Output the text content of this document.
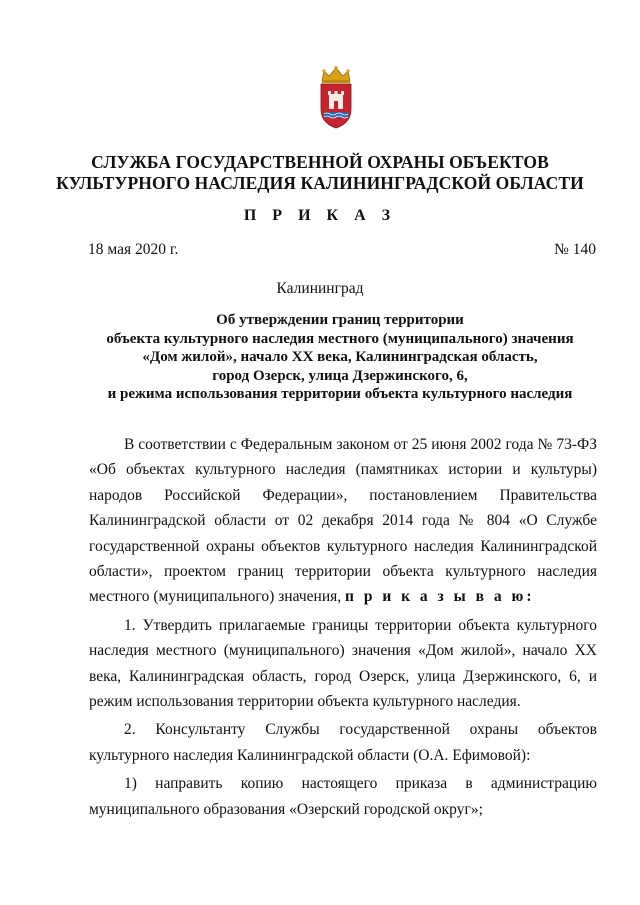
СЛУЖБА ГОСУДАРСТВЕННОЙ ОХРАНЫ ОБЪЕКТОВ
КУЛЬТУРНОГО НАСЛЕДИЯ КАЛИНИНГРАДСКОЙ ОБЛАСТИ
П Р И К А З
18 мая 2020 г.	№ 140
Калининград
Об утверждении границ территории
объекта культурного наследия местного (муниципального) значения
«Дом жилой», начало XX века, Калининградская область,
город Озерск, улица Дзержинского, 6,
и режима использования территории объекта культурного наследия

В соответствии с Федеральным законом от 25 июня 2002 года № 73-ФЗ «Об объектах культурного наследия (памятниках истории и культуры) народов Российской Федерации», постановлением Правительства Калининградской области от 02 декабря 2014 года № 804 «О Службе государственной охраны объектов культурного наследия Калининградской области», проектом границ территории объекта культурного наследия местного (муниципального) значения, п р и к а з ы в а ю:

1. Утвердить прилагаемые границы территории объекта культурного наследия местного (муниципального) значения «Дом жилой», начало XX века, Калининградская область, город Озерск, улица Дзержинского, 6, и режим использования территории объекта культурного наследия.

2. Консультанту Службы государственной охраны объектов культурного наследия Калининградской области (О.А. Ефимовой):

1) направить копию настоящего приказа в администрацию муниципального образования «Озерский городской округ»;
